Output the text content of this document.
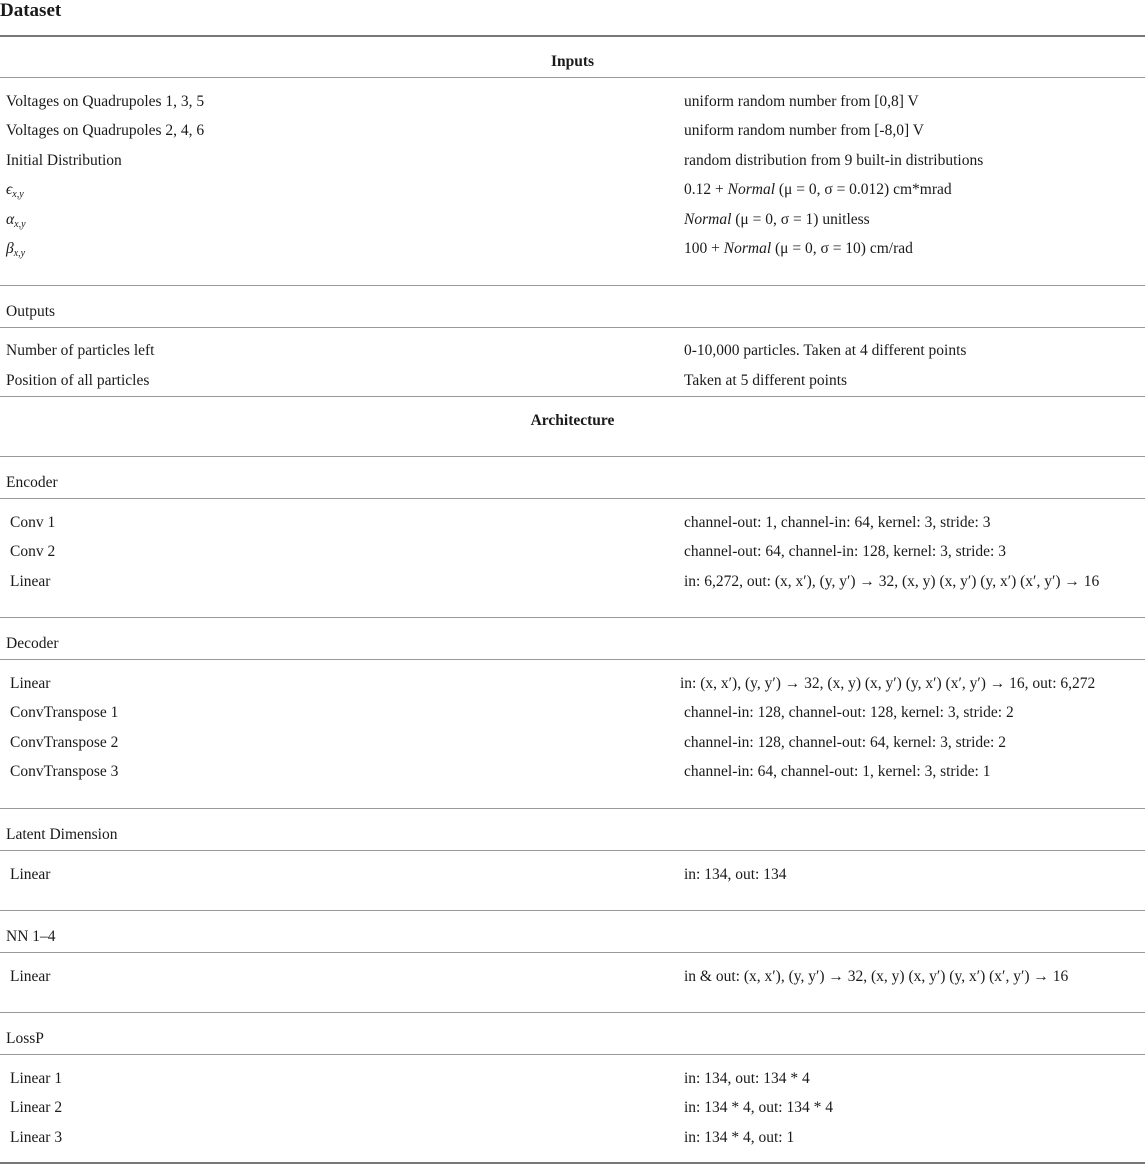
Dataset
Inputs
Voltages on Quadrupoles 1, 3, 5	uniform random number from [0,8] V
Voltages on Quadrupoles 2, 4, 6	uniform random number from [-8,0] V
Initial Distribution	random distribution from 9 built-in distributions
$\epsilon_{x,y}$	0.12 + Normal (μ = 0, σ = 0.012) cm*mrad
$\alpha_{x,y}$	Normal (μ = 0, σ = 1) unitless
$\beta_{x,y}$	100 + Normal (μ = 0, σ = 10) cm/rad
Outputs
Number of particles left	0-10,000 particles. Taken at 4 different points
Position of all particles	Taken at 5 different points
Architecture
Encoder
Conv 1	channel-out: 1, channel-in: 64, kernel: 3, stride: 3
Conv 2	channel-out: 64, channel-in: 128, kernel: 3, stride: 3
Linear	in: 6,272, out: (x, x′), (y, y′) → 32, (x, y) (x, y′) (y, x′) (x′, y′) → 16
Decoder
Linear	in: (x, x′), (y, y′) → 32, (x, y) (x, y′) (y, x′) (x′, y′) → 16, out: 6,272
ConvTranspose 1	channel-in: 128, channel-out: 128, kernel: 3, stride: 2
ConvTranspose 2	channel-in: 128, channel-out: 64, kernel: 3, stride: 2
ConvTranspose 3	channel-in: 64, channel-out: 1, kernel: 3, stride: 1
Latent Dimension
Linear	in: 134, out: 134
NN 1–4
Linear	in & out: (x, x′), (y, y′) → 32, (x, y) (x, y′) (y, x′) (x′, y′) → 16
LossP
Linear 1	in: 134, out: 134 * 4
Linear 2	in: 134 * 4, out: 134 * 4
Linear 3	in: 134 * 4, out: 1
